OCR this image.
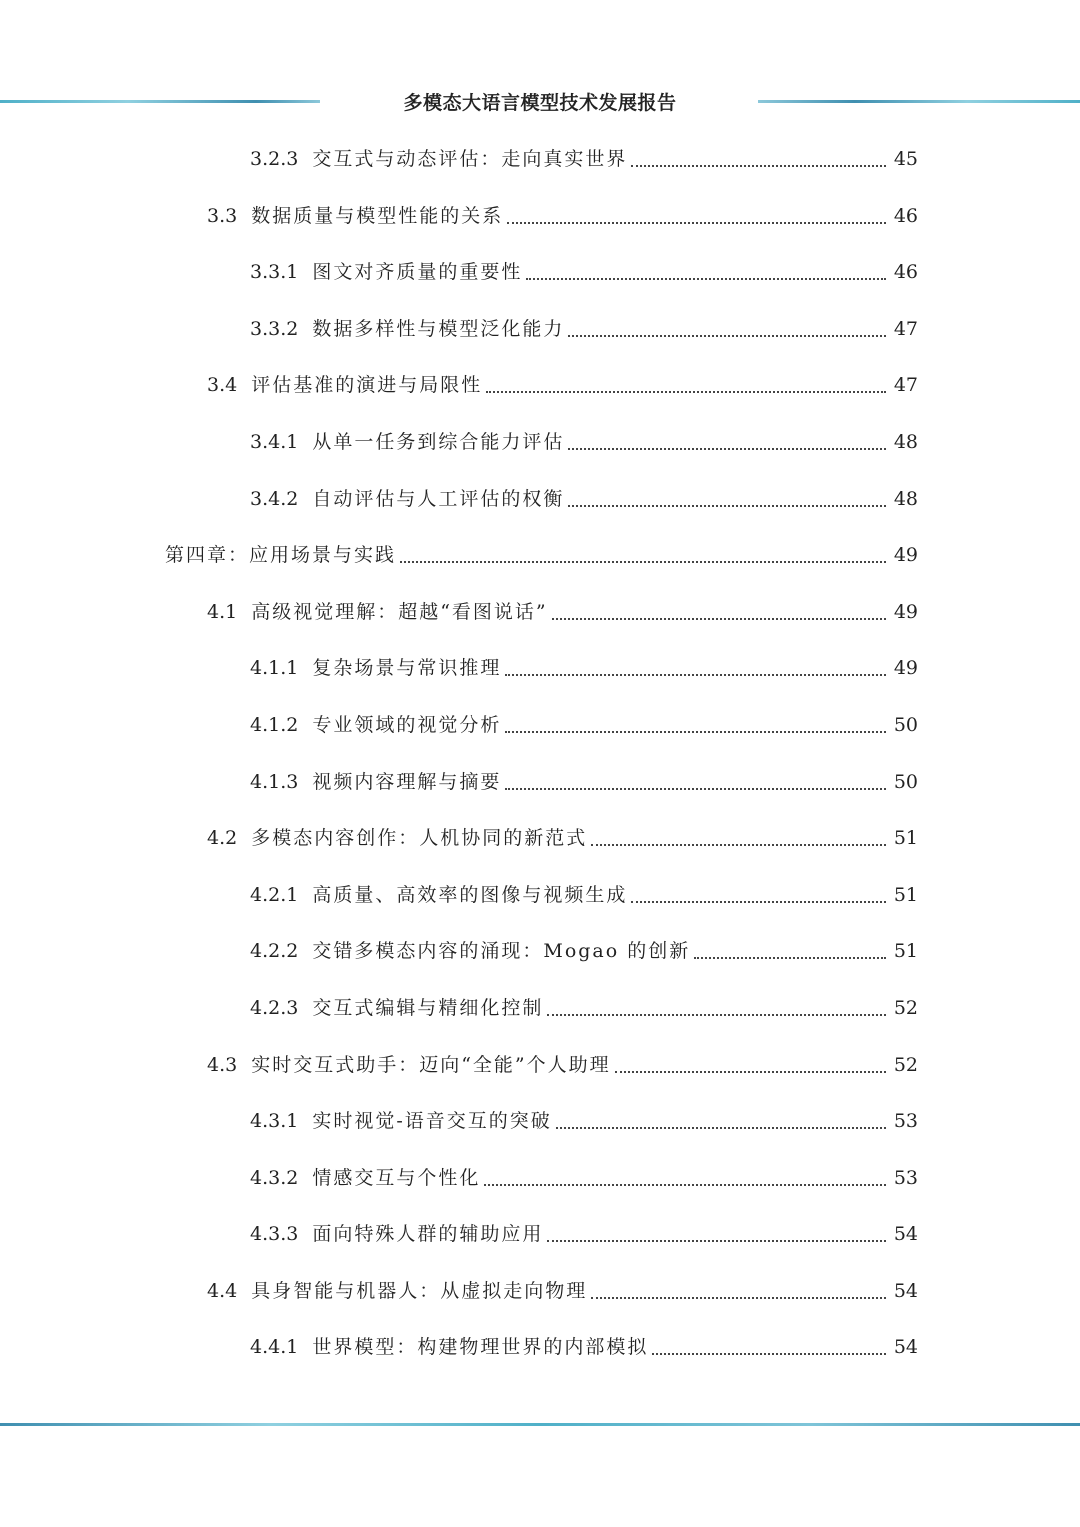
多模态大语言模型技术发展报告
3.2.3 交互式与动态评估：走向真实世界	45
3.3 数据质量与模型性能的关系	46
3.3.1 图文对齐质量的重要性	46
3.3.2 数据多样性与模型泛化能力	47
3.4 评估基准的演进与局限性	47
3.4.1 从单一任务到综合能力评估	48
3.4.2 自动评估与人工评估的权衡	48
第四章：应用场景与实践	49
4.1 高级视觉理解：超越“看图说话”	49
4.1.1 复杂场景与常识推理	49
4.1.2 专业领域的视觉分析	50
4.1.3 视频内容理解与摘要	50
4.2 多模态内容创作：人机协同的新范式	51
4.2.1 高质量、高效率的图像与视频生成	51
4.2.2 交错多模态内容的涌现：Mogao 的创新	51
4.2.3 交互式编辑与精细化控制	52
4.3 实时交互式助手：迈向“全能”个人助理	52
4.3.1 实时视觉-语音交互的突破	53
4.3.2 情感交互与个性化	53
4.3.3 面向特殊人群的辅助应用	54
4.4 具身智能与机器人：从虚拟走向物理	54
4.4.1 世界模型：构建物理世界的内部模拟	54
